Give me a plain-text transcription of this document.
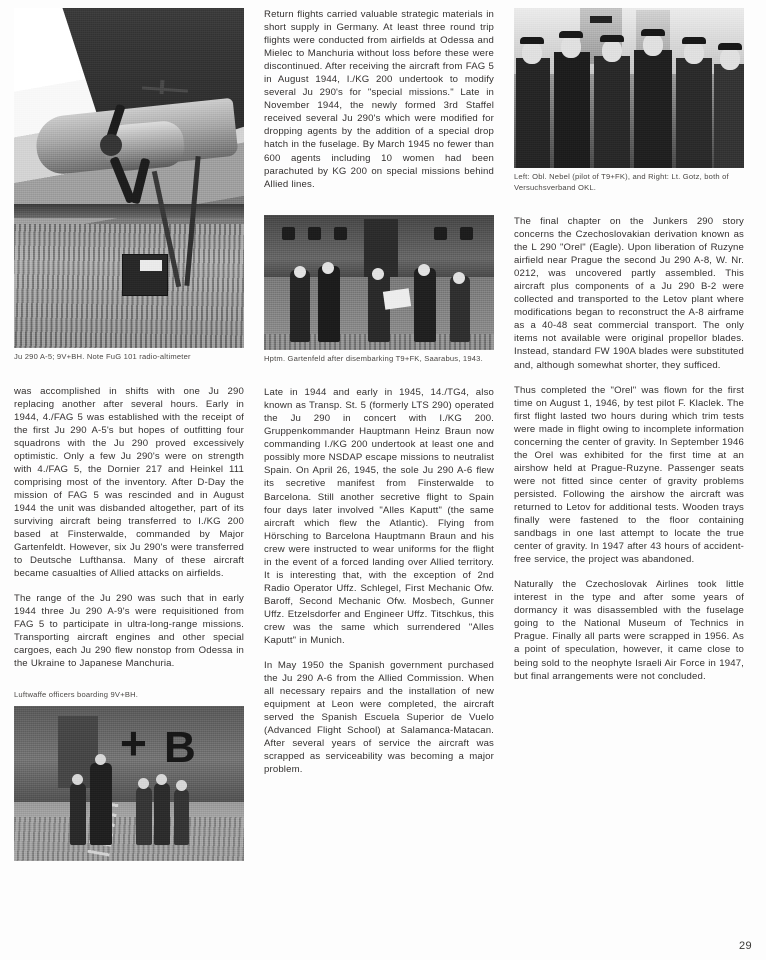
Ju 290 A-5; 9V+BH. Note FuG 101 radio-altimeter

was accomplished in shifts with one Ju 290 replacing another after several hours. Early in 1944, 4./FAG 5 was established with the receipt of the first Ju 290 A-5's but hopes of outfitting four squadrons with the Ju 290 proved excessively optimistic. Only a few Ju 290's were on strength with 4./FAG 5, the Dornier 217 and Heinkel 111 comprising most of the inventory. After D-Day the mission of FAG 5 was rescinded and in August 1944 the unit was disbanded altogether, part of its surviving aircraft being transferred to I./KG 200 based at Finsterwalde, commanded by Major Gartenfeldt. However, six Ju 290's were transferred to Deutsche Lufthansa. Many of these aircraft became casualties of Allied attacks on airfields.

The range of the Ju 290 was such that in early 1944 three Ju 290 A-9's were requisitioned from FAG 5 to participate in ultra-long-range missions. Transporting aircraft engines and other special cargoes, each Ju 290 flew nonstop from Odessa in the Ukraine to Japanese Manchuria.

Luftwaffe officers boarding 9V+BH.

+ B

Return flights carried valuable strategic materials in short supply in Germany. At least three round trip flights were conducted from airfields at Odessa and Mielec to Manchuria without loss before these were discontinued. After receiving the aircraft from FAG 5 in August 1944, I./KG 200 undertook to modify several Ju 290's for "special missions." Late in November 1944, the newly formed 3rd Staffel received several Ju 290's which were modified for dropping agents by the addition of a special drop hatch in the fuselage. By March 1945 no fewer than 600 agents including 10 women had been parachuted by KG 200 on special missions behind Allied lines.

Hptm. Gartenfeld after disembarking T9+FK, Saarabus, 1943.

Late in 1944 and early in 1945, 14./TG4, also known as Transp. St. 5 (formerly LTS 290) operated the Ju 290 in concert with I./KG 200. Gruppenkommander Hauptmann Heinz Braun now commanding I./KG 200 undertook at least one and possibly more NSDAP escape missions to neutralist Spain. On April 26, 1945, the sole Ju 290 A-6 flew its secretive manifest from Finsterwalde to Barcelona. Still another secretive flight to Spain four days later involved "Alles Kaputt" (the same aircraft which flew the Atlantic). Flying from Hörsching to Barcelona Hauptmann Braun and his crew were instructed to wear uniforms for the flight in the event of a forced landing over Allied territory. It is interesting that, with the exception of 2nd Radio Operator Uffz. Schlegel, First Mechanic Ofw. Baroff, Second Mechanic Ofw. Mosbech, Gunner Uffz. Etzelsdorfer and Engineer Uffz. Titschkus, this crew was the same which surrendered "Alles Kaputt" in Munich.

In May 1950 the Spanish government purchased the Ju 290 A-6 from the Allied Commission. When all necessary repairs and the installation of new equipment at Leon were completed, the aircraft served the Spanish Escuela Superior de Vuelo (Advanced Flight School) at Salamanca-Matacan. After several years of service the aircraft was scrapped as serviceability was becoming a major problem.

Left: Obl. Nebel (pilot of T9+FK), and Right: Lt. Gotz, both of Versuchsverband OKL.

The final chapter on the Junkers 290 story concerns the Czechoslovakian derivation known as the L 290 "Orel" (Eagle). Upon liberation of Ruzyne airfield near Prague the second Ju 290 A-8, W. Nr. 0212, was uncovered partly assembled. This aircraft plus components of a Ju 290 B-2 were collected and transported to the Letov plant where modifications began to reconstruct the A-8 airframe as a 40-48 seat commercial transport. The only items not available were original propellor blades. Instead, standard FW 190A blades were substituted and, although somewhat shorter, they sufficed.

Thus completed the "Orel" was flown for the first time on August 1, 1946, by test pilot F. Klaclek. The first flight lasted two hours during which trim tests were made in flight owing to incomplete information concerning the center of gravity. In September 1946 the Orel was exhibited for the first time at an airshow held at Prague-Ruzyne. Passenger seats were not fitted since center of gravity problems persisted. Following the airshow the aircraft was returned to Letov for additional tests. Wooden trays finally were fastened to the floor containing sandbags in one last attempt to locate the true center of gravity. In 1947 after 43 hours of accident-free service, the project was abandoned.

Naturally the Czechoslovak Airlines took little interest in the type and after some years of dormancy it was disassembled with the fuselage going to the National Museum of Technics in Prague. Finally all parts were scrapped in 1956. As a point of speculation, however, it came close to being sold to the neophyte Israeli Air Force in 1947, but final arrangements were not concluded.

29
